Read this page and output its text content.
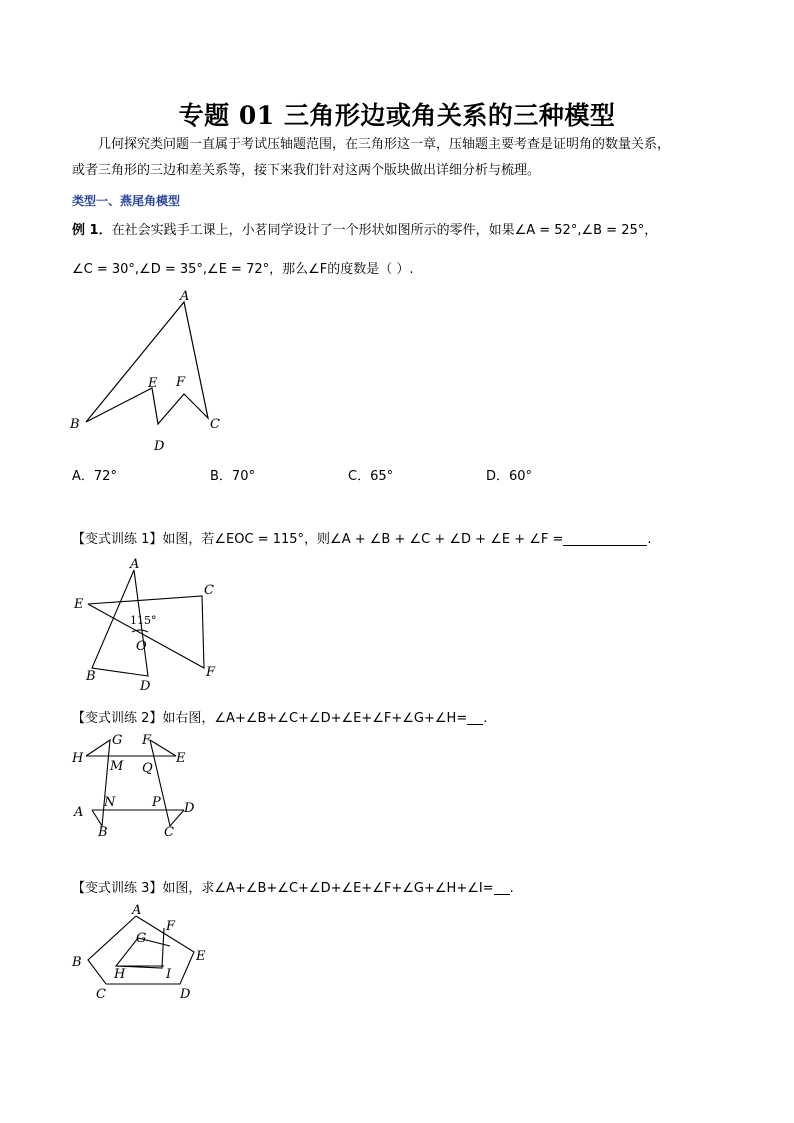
专题 01 三角形边或角关系的三种模型
几何探究类问题一直属于考试压轴题范围，在三角形这一章，压轴题主要考查是证明角的数量关系，
或者三角形的三边和差关系等，接下来我们针对这两个版块做出详细分析与梳理。
类型一、燕尾角模型
例 1．在社会实践手工课上，小茗同学设计了一个形状如图所示的零件，如果∠A = 52°,∠B = 25°，
∠C = 30°,∠D = 35°,∠E = 72°，那么∠F的度数是（ ）.
A
B	C
D
E F
A．72°	B．70°	C．65°	D．60°
【变式训练 1】如图，若∠EOC = 115°，则∠A + ∠B + ∠C + ∠D + ∠E + ∠F =	.
A
B
C
D
E
F
O
115°
【变式训练 2】如右图，∠A+∠B+∠C+∠D+∠E+∠F+∠G+∠H= .
H
G F
E
M Q
N	P
A	D
B	C
【变式训练 3】如图，求∠A+∠B+∠C+∠D+∠E+∠F+∠G+∠H+∠I= .
A
F
G
B	E
H	I
C	D
